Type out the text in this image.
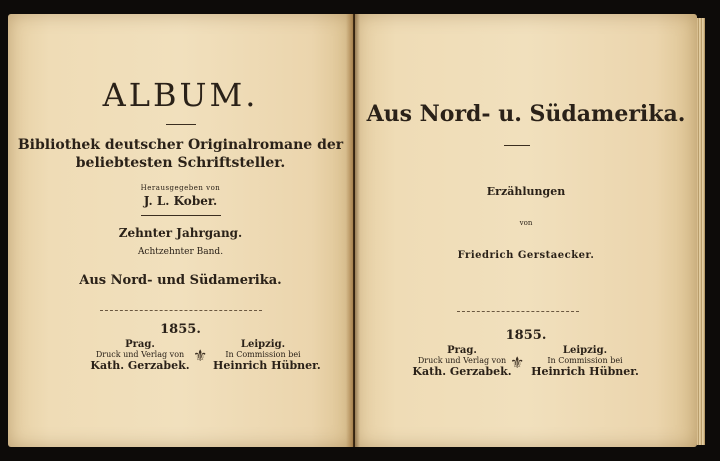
ALBUM.
Bibliothek deutscher Originalromane der
beliebtesten Schriftsteller.
Herausgegeben von
J. L. Kober.
Zehnter Jahrgang.
Achtzehnter Band.
Aus Nord- und Südamerika.
1855.
Prag.
Druck und Verlag von
Kath. Gerzabek.
⚜
Leipzig.
In Commission bei
Heinrich Hübner.
Aus Nord- u. Südamerika.
Erzählungen
von
Friedrich Gerstaecker.
1855.
Prag.
Druck und Verlag von
Kath. Gerzabek.
⚜
Leipzig.
In Commission bei
Heinrich Hübner.
